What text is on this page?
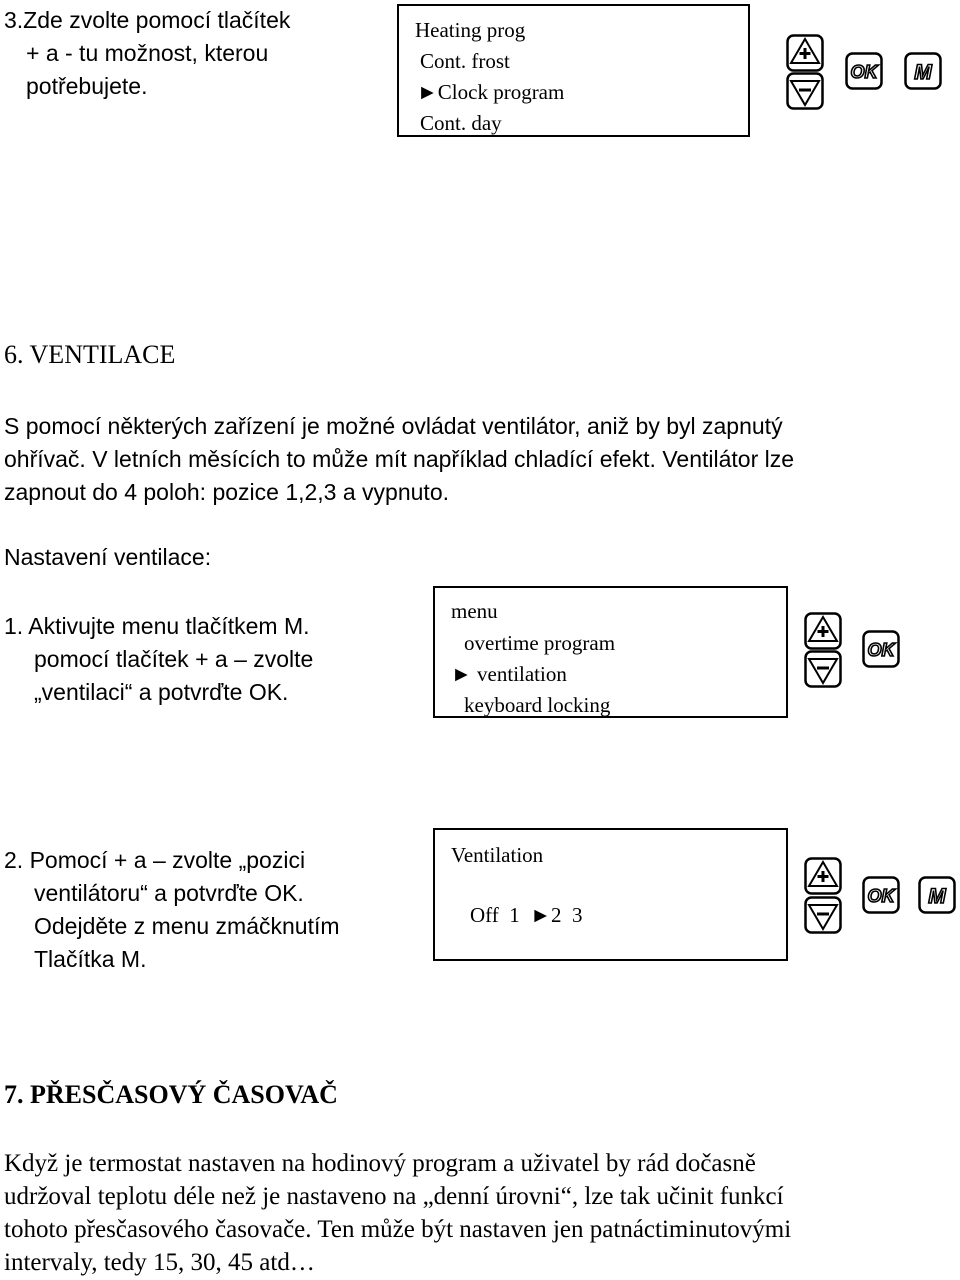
3.Zde zvolte pomocí tlačítek
+ a - tu možnost, kterou
potřebujete.
Heating prog
Cont. frost
►Clock program
Cont. day
OK M
6. VENTILACE
S pomocí některých zařízení je možné ovládat ventilátor, aniž by byl zapnutý
ohřívač. V letních měsících to může mít například chladící efekt. Ventilátor lze
zapnout do 4 poloh: pozice 1,2,3 a vypnuto.
Nastavení ventilace:
1. Aktivujte menu tlačítkem M.
pomocí tlačítek + a – zvolte
„ventilaci“ a potvrďte OK.
menu
overtime program
► ventilation
keyboard locking
OK
2. Pomocí + a – zvolte „pozici
ventilátoru“ a potvrďte OK.
Odejděte z menu zmáčknutím
Tlačítka M.
Ventilation
Off  1  ►2  3
OK M
7. PŘESČASOVÝ ČASOVAČ
Když je termostat nastaven na hodinový program a uživatel by rád dočasně
udržoval teplotu déle než je nastaveno na „denní úrovni“, lze tak učinit funkcí
tohoto přesčasového časovače. Ten může být nastaven jen patnáctiminutovými
intervaly, tedy 15, 30, 45 atd…
